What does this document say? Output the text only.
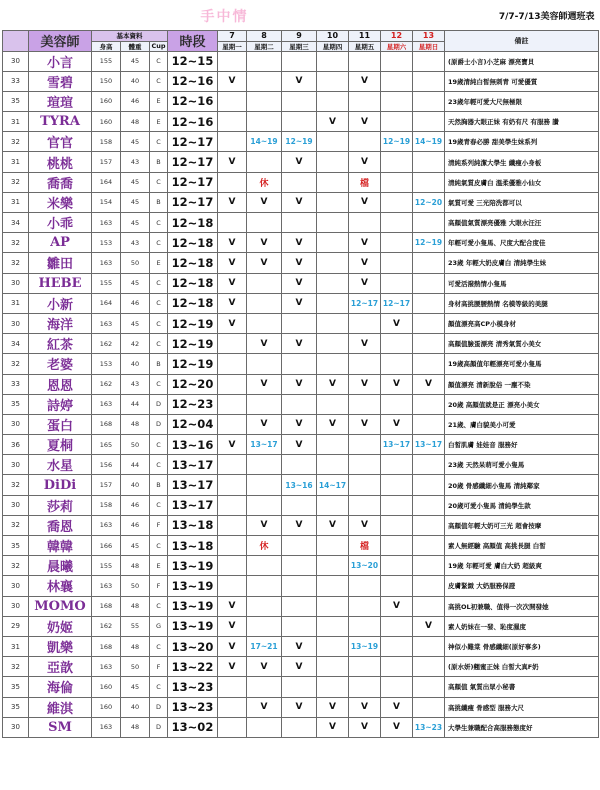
					手中情								7/7-7/13美容師週班表
	美容師	基本資料			時段	7	8	9	10	11	12	13	備註
		身高	體重	Cup		星期一	星期二	星期三	星期四	星期五	星期六	星期日	
30	小言	155	45	C	12~15								(原爵士小言)小芝麻 漂亮寶貝
33	雪碧	150	40	C	12~16	V		V		V			19歲清純白皙無刺青 可愛優質
35	瑄瑄	160	46	E	12~16								23歲年輕可愛大尺無極限
31	TYRA	160	48	E	12~16				V	V			天然胸器大眼正妹 有奶有尺 有服務 讚
32	官官	158	45	C	12~17		14~19	12~19			12~19	14~19	19歲青春必勝 甜美學生妹系列
31	桃桃	157	43	B	12~17	V		V		V			清純系列純潔大學生 纖瘦小身板
32	喬喬	164	45	C	12~17		休			檔			清純氣質皮膚白 溫柔優雅小仙女
31	米樂	154	45	B	12~17	V	V	V		V		12~20	氣質可愛 三光陪洗都可以
34	小乖	163	45	C	12~18								高顏值氣質漂亮優雅 大眼水汪汪
32	AP	153	43	C	12~18	V	V	V		V		12~19	年輕可愛小隻馬、尺度大配合度佳
32	雛田	163	50	E	12~18	V	V	V		V			23歲 年輕大奶皮膚白 清純學生妹
30	HEBE	155	45	C	12~18	V		V		V			可愛活潑熱情小隻馬
31	小新	164	46	C	12~18	V		V		12~17	12~17		身材高挑腰腰熱情 名模等級的美腿
30	海洋	163	45	C	12~19	V					V		顏值漂亮高CP小模身材
34	紅茶	162	42	C	12~19		V	V		V			高顏值臉蛋漂亮 清秀氣質小美女
32	老婆	153	40	B	12~19								19歲高顏值年輕漂亮可愛小隻馬
33	恩恩	162	43	C	12~20		V	V	V	V	V	V	顏值漂亮 清新脫俗 一塵不染
35	詩婷	163	44	D	12~23								20歲 高顏值就是正 漂亮小美女
30	蛋白	168	48	D	12~04		V	V	V	V	V		21歲、膚白貌美小可愛
36	夏桐	165	50	C	13~16	V	13~17	V			13~17	13~17	白皙肌膚 娃娃音 服務好
30	水星	156	44	C	13~17								23歲 天然呆萌可愛小隻馬
32	DiDi	157	40	B	13~17			13~16	14~17				20歲 骨感纖細小隻馬 清純鄰家
30	莎莉	158	46	C	13~17								20歲可愛小隻馬 清純學生款
32	喬恩	163	46	F	13~18		V	V	V	V			高顏值年輕大奶可三光 超會按摩
35	韓韓	166	45	C	13~18		休			檔			素人無經驗 高顏值 高挑長腿 白皙
32	晨曦	155	48	E	13~19					13~20			19歲 年輕可愛 膚白大奶 超級爽
30	林襄	163	50	F	13~19								皮膚緊緻 大奶服務保證
30	MOMO	168	48	C	13~19	V					V		高挑OL初兼職、值得一次次開發她
29	奶姬	162	55	G	13~19	V						V	素人奶妹在一發、恥度濕度
31	凱樂	168	48	C	13~20	V	17~21	V		13~19			神似小難棠 骨感纖細(原好事多)
32	亞歆	163	50	F	13~22	V	V	V					(原水妍)翹蜜正妹 白皙大真F奶
35	海倫	160	45	C	13~23								高顏值 氣質出眾小秘書
35	維淇	160	40	D	13~23		V	V	V	V	V		高挑纖瘦 骨感型 服務大尺
30	SM	163	48	D	13~02				V	V	V	13~23	大學生兼職配合高服務態度好
